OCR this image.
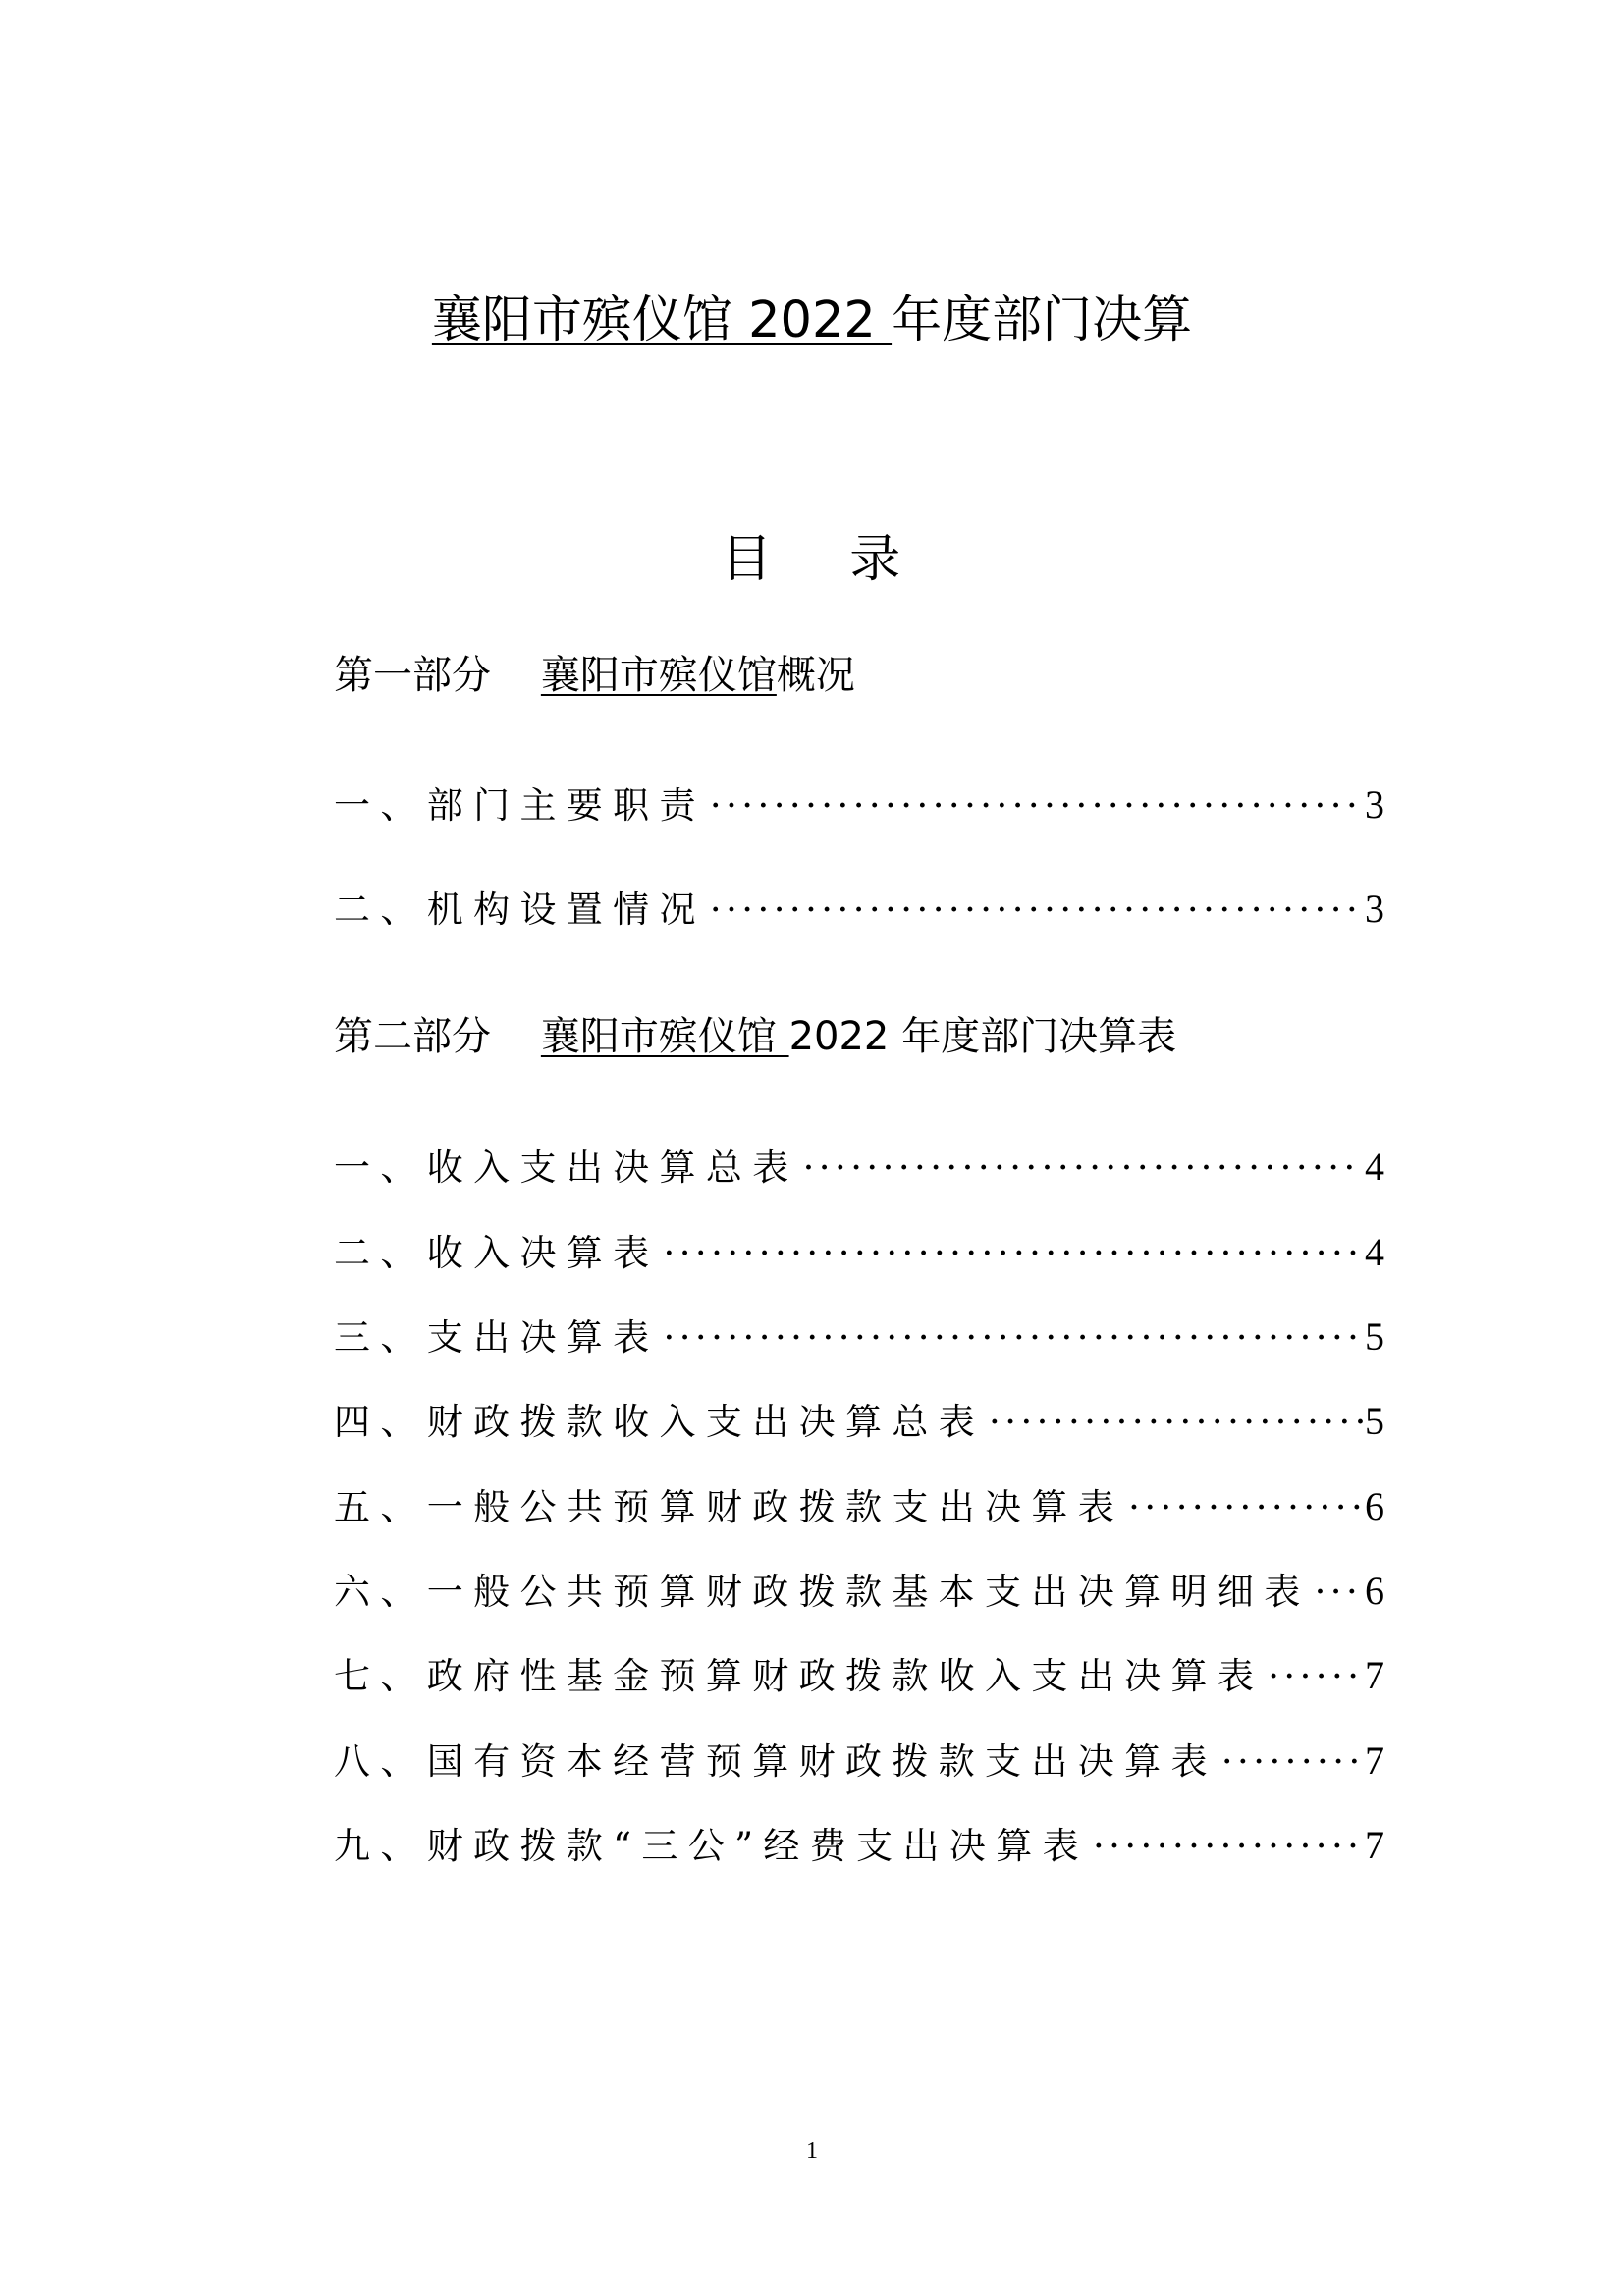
襄阳市殡仪馆 2022 年度部门决算
目    录
第一部分    襄阳市殡仪馆概况
一、部门主要职责 ·····	3
二、机构设置情况 ·····	3
第二部分    襄阳市殡仪馆 2022 年度部门决算表
一、收入支出决算总表 ·····	4
二、收入决算表 ·····	4
三、支出决算表 ·····	5
四、财政拨款收入支出决算总表 ·····	5
五、一般公共预算财政拨款支出决算表 ·····	6
六、一般公共预算财政拨款基本支出决算明细表 ····· 6
七、政府性基金预算财政拨款收入支出决算表 ·····	7
八、国有资本经营预算财政拨款支出决算表 ·····	7
九、财政拨款“三公”经费支出决算表 ·····	7
1
